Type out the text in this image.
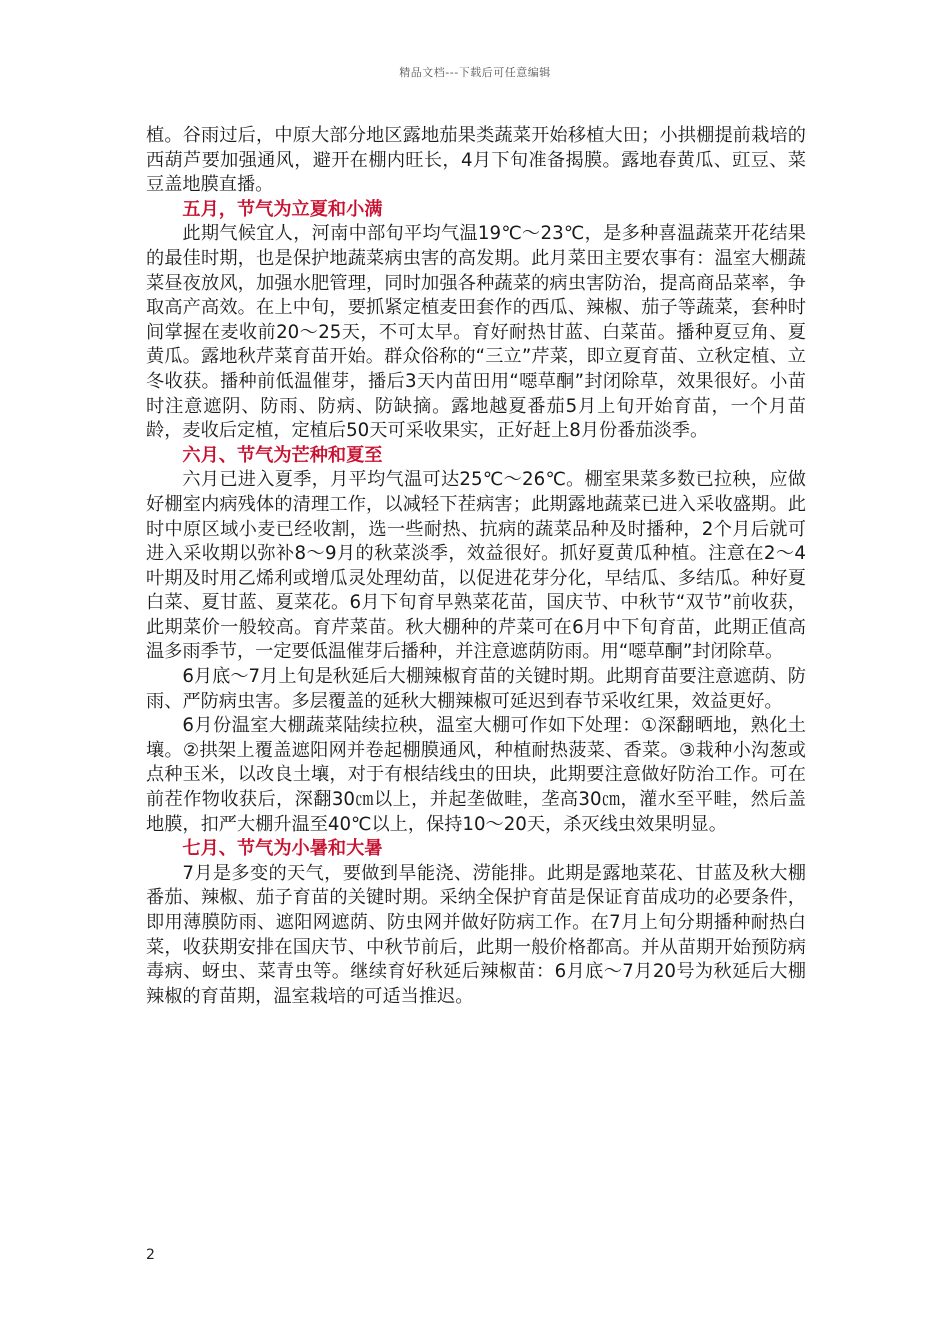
精品文档---下载后可任意编辑

植。谷雨过后，中原大部分地区露地茄果类蔬菜开始移植大田；小拱棚提前栽培的西葫芦要加强通风，避开在棚内旺长，4月下旬准备揭膜。露地春黄瓜、豇豆、菜豆盖地膜直播。

五月，节气为立夏和小满

此期气候宜人，河南中部旬平均气温19℃～23℃，是多种喜温蔬菜开花结果的最佳时期，也是保护地蔬菜病虫害的高发期。此月菜田主要农事有：温室大棚蔬菜昼夜放风，加强水肥管理，同时加强各种蔬菜的病虫害防治，提高商品菜率，争取高产高效。在上中旬，要抓紧定植麦田套作的西瓜、辣椒、茄子等蔬菜，套种时间掌握在麦收前20～25天，不可太早。育好耐热甘蓝、白菜苗。播种夏豆角、夏黄瓜。露地秋芹菜育苗开始。群众俗称的“三立”芹菜，即立夏育苗、立秋定植、立冬收获。播种前低温催芽，播后3天内苗田用“噁草酮”封闭除草，效果很好。小苗时注意遮阴、防雨、防病、防缺摘。露地越夏番茄5月上旬开始育苗，一个月苗龄，麦收后定植，定植后50天可采收果实，正好赶上8月份番茄淡季。

六月、节气为芒种和夏至

六月已进入夏季，月平均气温可达25℃～26℃。棚室果菜多数已拉秧，应做好棚室内病残体的清理工作，以减轻下茬病害；此期露地蔬菜已进入采收盛期。此时中原区域小麦已经收割，选一些耐热、抗病的蔬菜品种及时播种，2个月后就可进入采收期以弥补8～9月的秋菜淡季，效益很好。抓好夏黄瓜种植。注意在2～4叶期及时用乙烯利或增瓜灵处理幼苗，以促进花芽分化，早结瓜、多结瓜。种好夏白菜、夏甘蓝、夏菜花。6月下旬育早熟菜花苗，国庆节、中秋节“双节”前收获，此期菜价一般较高。育芹菜苗。秋大棚种的芹菜可在6月中下旬育苗，此期正值高温多雨季节，一定要低温催芽后播种，并注意遮荫防雨。用“噁草酮”封闭除草。

6月底～7月上旬是秋延后大棚辣椒育苗的关键时期。此期育苗要注意遮荫、防雨、严防病虫害。多层覆盖的延秋大棚辣椒可延迟到春节采收红果，效益更好。

6月份温室大棚蔬菜陆续拉秧，温室大棚可作如下处理：①深翻晒地，熟化土壤。②拱架上覆盖遮阳网并卷起棚膜通风，种植耐热菠菜、香菜。③栽种小沟葱或点种玉米，以改良土壤，对于有根结线虫的田块，此期要注意做好防治工作。可在前茬作物收获后，深翻30㎝以上，并起垄做畦，垄高30㎝，灌水至平畦，然后盖地膜，扣严大棚升温至40℃以上，保持10～20天，杀灭线虫效果明显。

七月、节气为小暑和大暑

7月是多变的天气，要做到旱能浇、涝能排。此期是露地菜花、甘蓝及秋大棚番茄、辣椒、茄子育苗的关键时期。采纳全保护育苗是保证育苗成功的必要条件，即用薄膜防雨、遮阳网遮荫、防虫网并做好防病工作。在7月上旬分期播种耐热白菜，收获期安排在国庆节、中秋节前后，此期一般价格都高。并从苗期开始预防病毒病、蚜虫、菜青虫等。继续育好秋延后辣椒苗：6月底～7月20号为秋延后大棚辣椒的育苗期，温室栽培的可适当推迟。

2
